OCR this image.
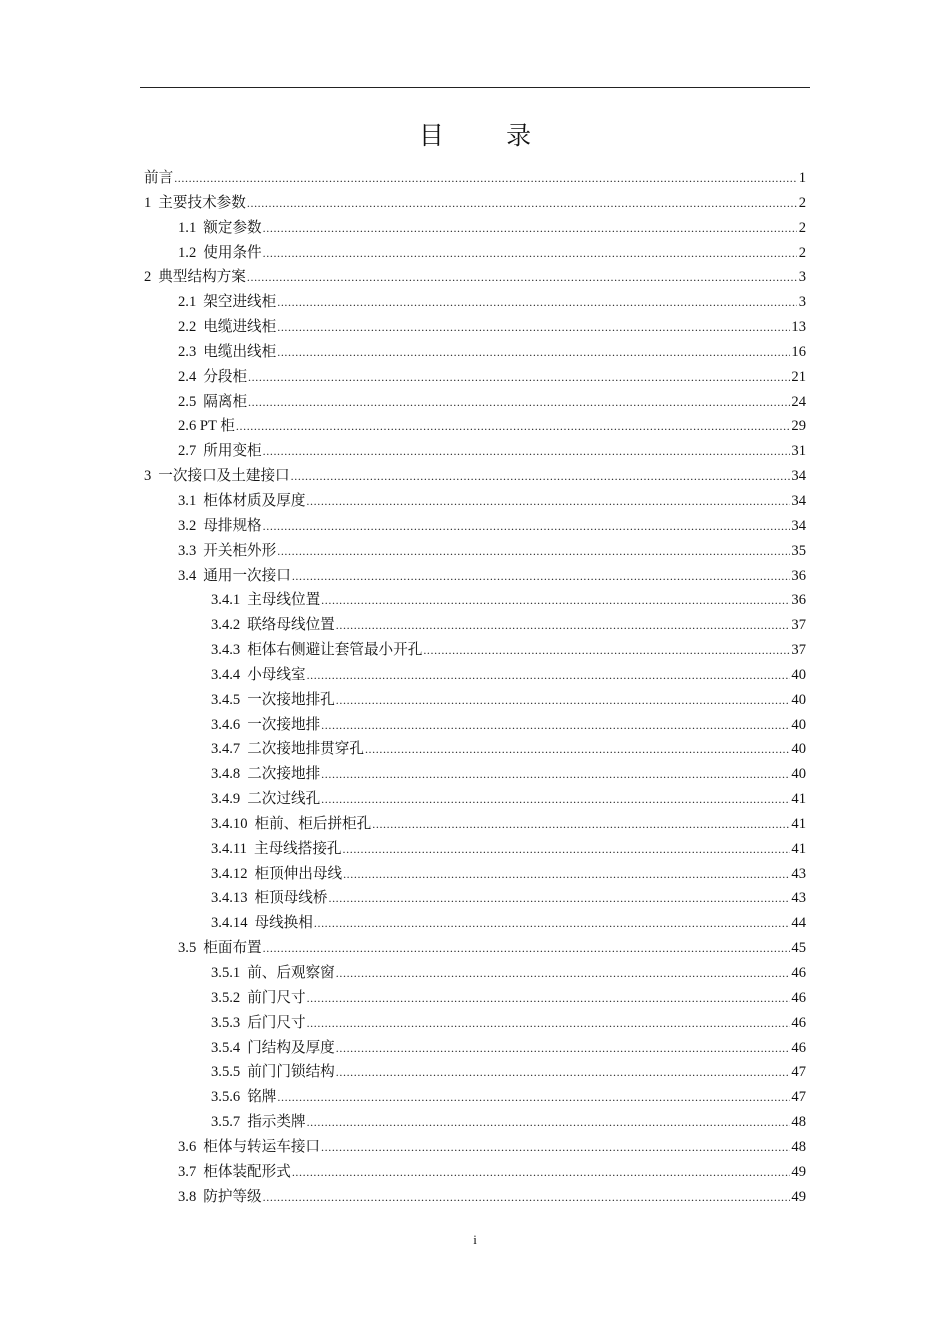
目 录
前言 .....	1
1 主要技术参数 .....	2
1.1 额定参数 .....	2
1.2 使用条件 .....	2
2 典型结构方案 .....	3
2.1 架空进线柜 .....	3
2.2 电缆进线柜 .....	13
2.3 电缆出线柜 .....	16
2.4 分段柜 .....	21
2.5 隔离柜 .....	24
2.6 PT 柜 .....	29
2.7 所用变柜 .....	31
3 一次接口及土建接口 .....	34
3.1 柜体材质及厚度 .....	34
3.2 母排规格 .....	34
3.3 开关柜外形 .....	35
3.4 通用一次接口 .....	36
3.4.1 主母线位置 .....	36
3.4.2 联络母线位置 .....	37
3.4.3 柜体右侧避让套管最小开孔 .....	37
3.4.4 小母线室 .....	40
3.4.5 一次接地排孔 .....	40
3.4.6 一次接地排 .....	40
3.4.7 二次接地排贯穿孔 .....	40
3.4.8 二次接地排 .....	40
3.4.9 二次过线孔 .....	41
3.4.10 柜前、柜后拼柜孔 .....	41
3.4.11 主母线搭接孔 .....	41
3.4.12 柜顶伸出母线 .....	43
3.4.13 柜顶母线桥 .....	43
3.4.14 母线换相 .....	44
3.5 柜面布置 .....	45
3.5.1 前、后观察窗 .....	46
3.5.2 前门尺寸 .....	46
3.5.3 后门尺寸 .....	46
3.5.4 门结构及厚度 .....	46
3.5.5 前门门锁结构 .....	47
3.5.6 铭牌 .....	47
3.5.7 指示类牌 .....	48
3.6 柜体与转运车接口 .....	48
3.7 柜体装配形式 .....	49
3.8 防护等级 .....	49
i
